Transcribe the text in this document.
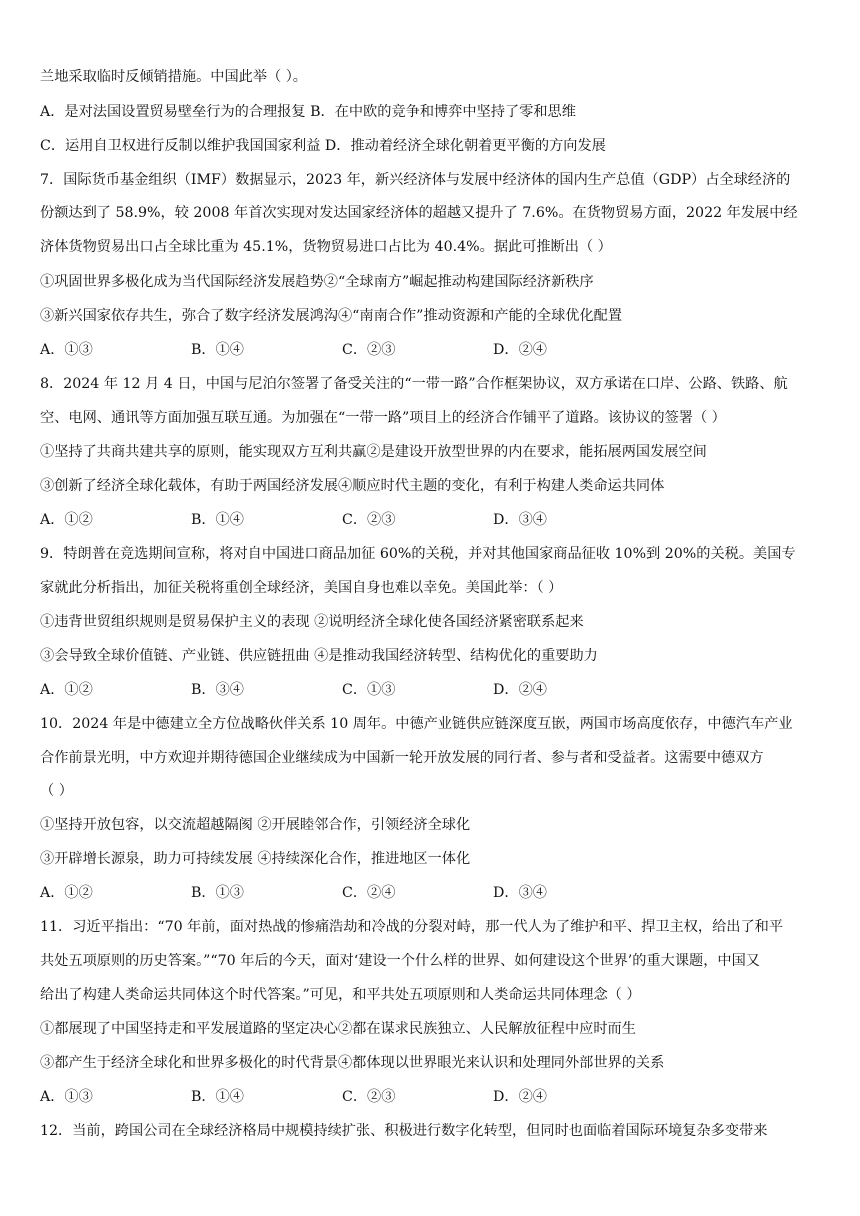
兰地采取临时反倾销措施。中国此举（ ）。
A．是对法国设置贸易壁垒行为的合理报复 B．在中欧的竞争和博弈中坚持了零和思维
C．运用自卫权进行反制以维护我国国家利益 D．推动着经济全球化朝着更平衡的方向发展
7．国际货币基金组织（IMF）数据显示，2023 年，新兴经济体与发展中经济体的国内生产总值（GDP）占全球经济的
份额达到了 58.9%，较 2008 年首次实现对发达国家经济体的超越又提升了 7.6%。在货物贸易方面，2022 年发展中经
济体货物贸易出口占全球比重为 45.1%，货物贸易进口占比为 40.4%。据此可推断出（ ）
①巩固世界多极化成为当代国际经济发展趋势②“全球南方”崛起推动构建国际经济新秩序
③新兴国家依存共生，弥合了数字经济发展鸿沟④“南南合作”推动资源和产能的全球优化配置
A．①③	B．①④	C．②③	D．②④
8．2024 年 12 月 4 日，中国与尼泊尔签署了备受关注的“一带一路”合作框架协议，双方承诺在口岸、公路、铁路、航
空、电网、通讯等方面加强互联互通。为加强在“一带一路”项目上的经济合作铺平了道路。该协议的签署（ ）
①坚持了共商共建共享的原则，能实现双方互利共赢②是建设开放型世界的内在要求，能拓展两国发展空间
③创新了经济全球化载体，有助于两国经济发展④顺应时代主题的变化，有利于构建人类命运共同体
A．①②	B．①④	C．②③	D．③④
9．特朗普在竞选期间宣称，将对自中国进口商品加征 60%的关税，并对其他国家商品征收 10%到 20%的关税。美国专
家就此分析指出，加征关税将重创全球经济，美国自身也难以幸免。美国此举：（ ）
①违背世贸组织规则是贸易保护主义的表现 ②说明经济全球化使各国经济紧密联系起来
③会导致全球价值链、产业链、供应链扭曲 ④是推动我国经济转型、结构优化的重要助力
A．①②	B．③④	C．①③	D．②④
10．2024 年是中德建立全方位战略伙伴关系 10 周年。中德产业链供应链深度互嵌，两国市场高度依存，中德汽车产业
合作前景光明，中方欢迎并期待德国企业继续成为中国新一轮开放发展的同行者、参与者和受益者。这需要中德双方
（ ）
①坚持开放包容，以交流超越隔阂 ②开展睦邻合作，引领经济全球化
③开辟增长源泉，助力可持续发展 ④持续深化合作，推进地区一体化
A．①②	B．①③	C．②④	D．③④
11．习近平指出：“70 年前，面对热战的惨痛浩劫和冷战的分裂对峙，那一代人为了维护和平、捍卫主权，给出了和平
共处五项原则的历史答案。”“70 年后的今天，面对‘建设一个什么样的世界、如何建设这个世界’的重大课题，中国又
给出了构建人类命运共同体这个时代答案。”可见，和平共处五项原则和人类命运共同体理念（ ）
①都展现了中国坚持走和平发展道路的坚定决心②都在谋求民族独立、人民解放征程中应时而生
③都产生于经济全球化和世界多极化的时代背景④都体现以世界眼光来认识和处理同外部世界的关系
A．①③	B．①④	C．②③	D．②④
12．当前，跨国公司在全球经济格局中规模持续扩张、积极进行数字化转型，但同时也面临着国际环境复杂多变带来
